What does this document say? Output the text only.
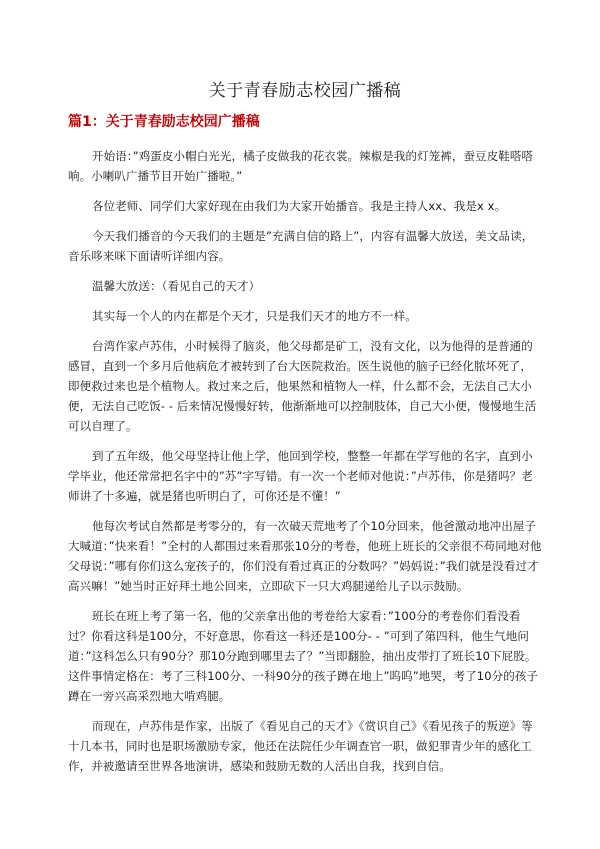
关于青春励志校园广播稿
篇1：关于青春励志校园广播稿

开始语：”鸡蛋皮小帽白光光，橘子皮做我的花衣裳。辣椒是我的灯笼裤，蚕豆皮鞋嗒嗒响。小喇叭广播节目开始广播啦。”

各位老师、同学们大家好现在由我们为大家开始播音。我是主持人xx、我是x x。

今天我们播音的今天我们的主题是”充满自信的路上”，内容有温馨大放送，美文品读，音乐哆来咪下面请听详细内容。

温馨大放送：（看见自己的天才）

其实每一个人的内在都是个天才，只是我们天才的地方不一样。

台湾作家卢苏伟，小时候得了脑炎，他父母都是矿工，没有文化，以为他得的是普通的感冒，直到一个多月后他病危才被转到了台大医院救治。医生说他的脑子已经化脓坏死了，即便救过来也是个植物人。救过来之后，他果然和植物人一样，什么都不会，无法自己大小便，无法自己吃饭- - 后来情况慢慢好转，他渐渐地可以控制肢体，自己大小便，慢慢地生活可以自理了。

到了五年级，他父母坚持让他上学，他回到学校，整整一年都在学写他的名字，直到小学毕业，他还常常把名字中的”苏”字写错。有一次一个老师对他说：”卢苏伟，你是猪吗？老师讲了十多遍，就是猪也听明白了，可你还是不懂！”

他每次考试自然都是考零分的，有一次破天荒地考了个10分回来，他爸激动地冲出屋子大喊道：”快来看！”全村的人都围过来看那张10分的考卷，他班上班长的父亲很不苟同地对他父母说：”哪有你们这么宠孩子的，你们没有看过真正的分数吗？”妈妈说：”我们就是没看过才高兴嘛！”她当时正好拜土地公回来，立即砍下一只大鸡腿递给儿子以示鼓励。

班长在班上考了第一名，他的父亲拿出他的考卷给大家看：”100分的考卷你们看没看过？你看这科是100分，不好意思，你看这一科还是100分- - ”可到了第四科，他生气地问道：”这科怎么只有90分？那10分跑到哪里去了？”当即翻脸，抽出皮带打了班长10下屁股。这件事情定格在：考了三科100分、一科90分的孩子蹲在地上”呜呜”地哭，考了10分的孩子蹲在一旁兴高采烈地大啃鸡腿。

而现在，卢苏伟是作家，出版了《看见自己的天才》《赏识自己》《看见孩子的叛逆》等十几本书，同时也是职场激励专家，他还在法院任少年调查官一职，做犯罪青少年的感化工作，并被邀请至世界各地演讲，感染和鼓励无数的人活出自我，找到自信。
